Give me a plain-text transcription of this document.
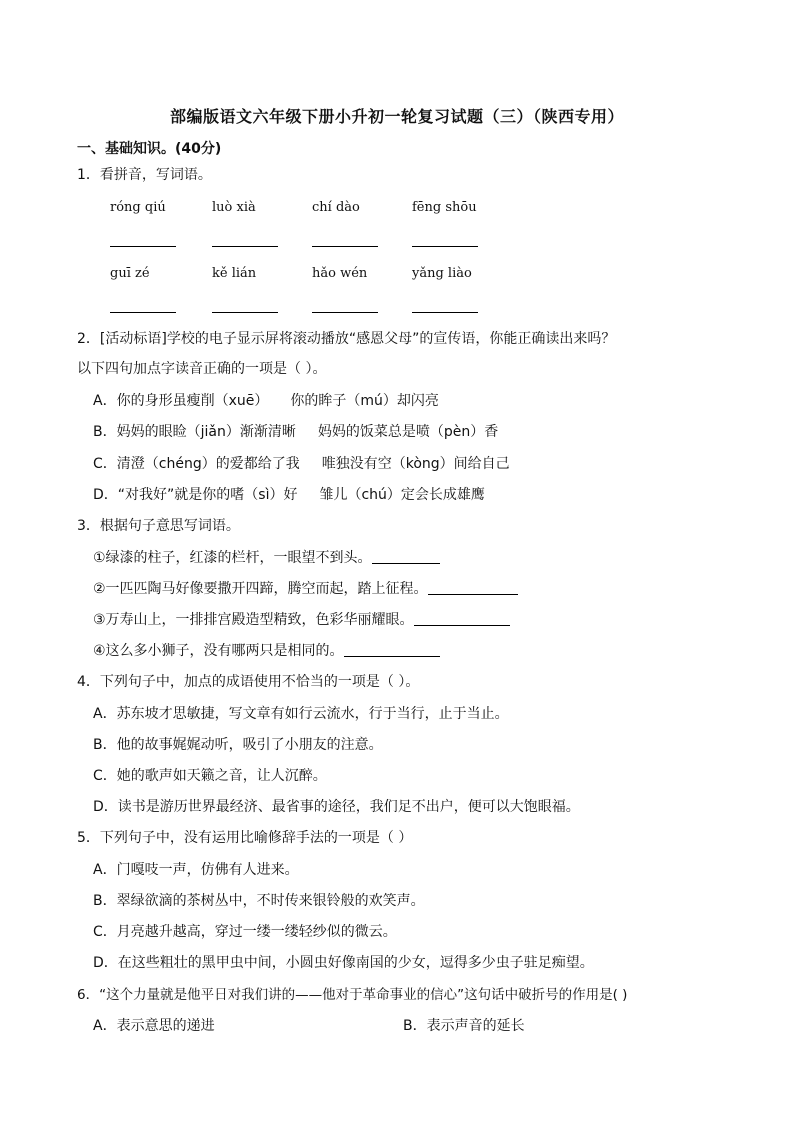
部编版语文六年级下册小升初一轮复习试题（三）（陕西专用）
一、基础知识。(40分)
1．看拼音，写词语。
róng qiú	luò xià	chí dào	fēng shōu
guī zé	kě lián	hǎo wén	yǎng liào
2．[活动标语]学校的电子显示屏将滚动播放“感恩父母”的宣传语，你能正确读出来吗？
以下四句加点字读音正确的一项是（ ）。
A．你的身形虽瘦削（xuē） 你的眸子（mú）却闪亮
B．妈妈的眼睑（jiǎn）渐渐清晰 妈妈的饭菜总是喷（pèn）香
C．清澄（chéng）的爱都给了我 唯独没有空（kòng）间给自己
D．“对我好”就是你的嗜（sì）好 雏儿（chú）定会长成雄鹰
3．根据句子意思写词语。
①绿漆的柱子，红漆的栏杆，一眼望不到头。
②一匹匹陶马好像要撒开四蹄，腾空而起，踏上征程。
③万寿山上，一排排宫殿造型精致，色彩华丽耀眼。
④这么多小狮子，没有哪两只是相同的。
4．下列句子中，加点的成语使用不恰当的一项是（ ）。
A．苏东坡才思敏捷，写文章有如行云流水，行于当行，止于当止。
B．他的故事娓娓动听，吸引了小朋友的注意。
C．她的歌声如天籁之音，让人沉醉。
D．读书是游历世界最经济、最省事的途径，我们足不出户，便可以大饱眼福。
5．下列句子中，没有运用比喻修辞手法的一项是（ ）
A．门嘎吱一声，仿佛有人进来。
B．翠绿欲滴的茶树丛中，不时传来银铃般的欢笑声。
C．月亮越升越高，穿过一缕一缕轻纱似的微云。
D．在这些粗壮的黑甲虫中间，小圆虫好像南国的少女，逗得多少虫子驻足痴望。
6．“这个力量就是他平日对我们讲的——他对于革命事业的信心”这句话中破折号的作用是( )
A．表示意思的递进	B．表示声音的延长
